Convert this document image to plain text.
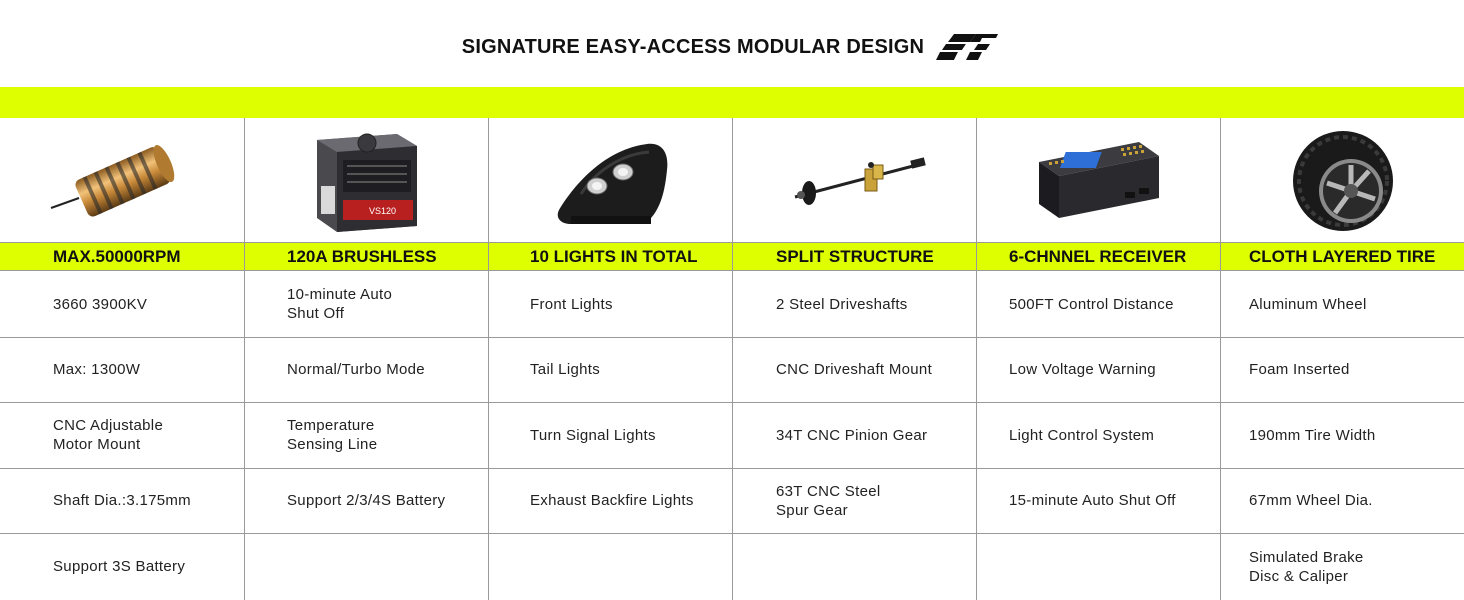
SIGNATURE EASY-ACCESS MODULAR DESIGN
MAX.50000RPM
3660 3900KV
Max: 1300W
CNC Adjustable
Motor Mount
Shaft Dia.:3.175mm
Support 3S Battery
VS120
120A BRUSHLESS
10-minute Auto
Shut Off
Normal/Turbo Mode
Temperature
Sensing Line
Support 2/3/4S Battery
10 LIGHTS IN TOTAL
Front Lights
Tail Lights
Turn Signal Lights
Exhaust Backfire Lights
SPLIT STRUCTURE
2 Steel Driveshafts
CNC Driveshaft Mount
34T CNC Pinion Gear
63T CNC Steel
Spur Gear
6-CHNNEL RECEIVER
500FT Control Distance
Low Voltage Warning
Light Control System
15-minute Auto Shut Off
CLOTH LAYERED TIRE
Aluminum Wheel
Foam Inserted
190mm Tire Width
67mm Wheel Dia.
Simulated Brake
Disc & Caliper
